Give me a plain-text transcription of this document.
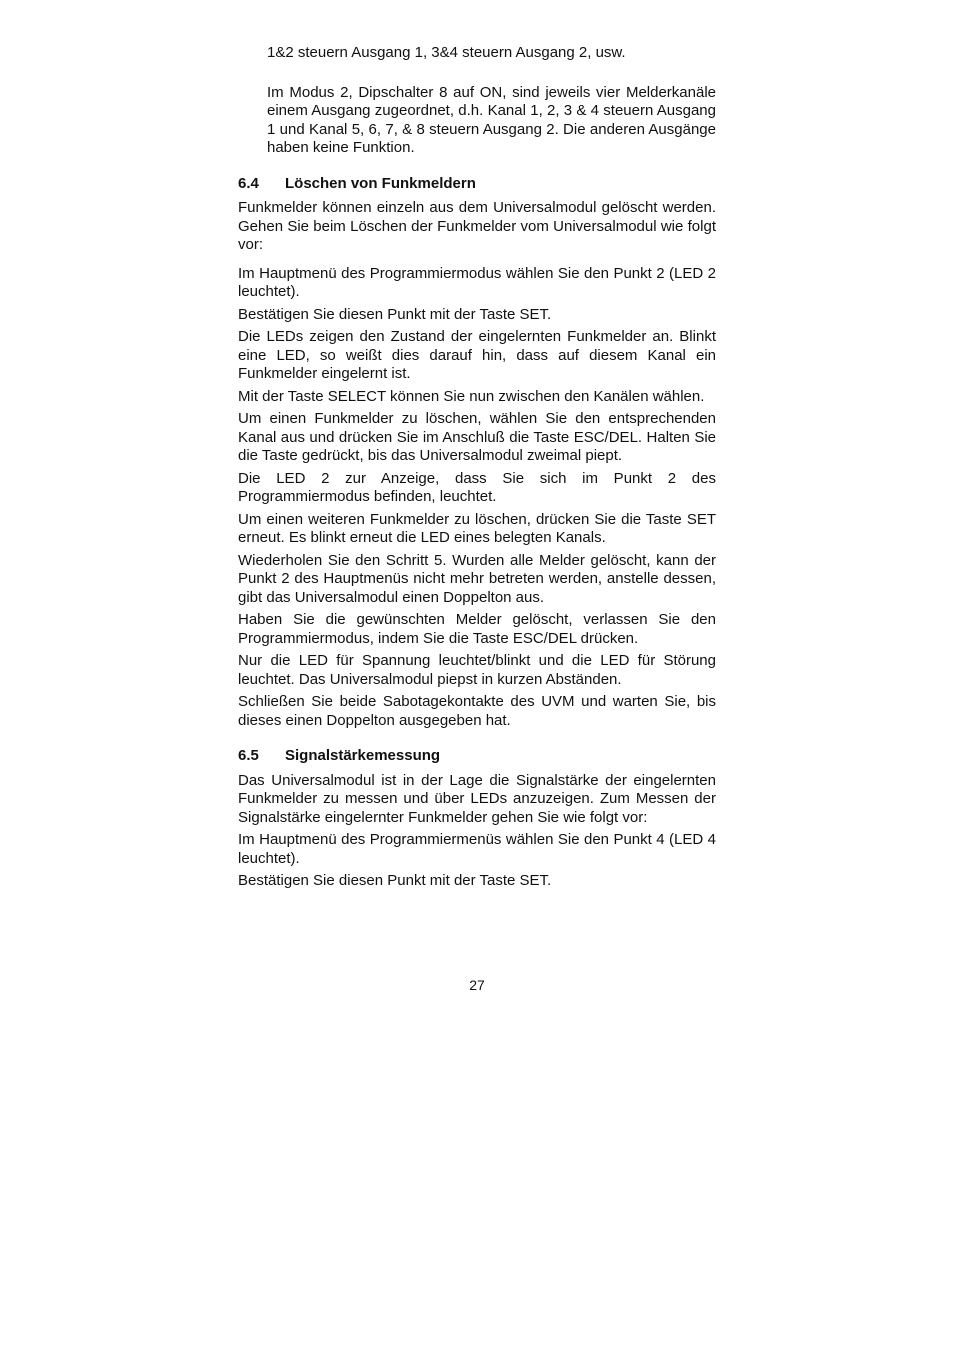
1&2 steuern Ausgang 1, 3&4 steuern Ausgang 2, usw.

Im Modus 2, Dipschalter 8 auf ON, sind jeweils vier Melderkanäle einem Ausgang zugeordnet, d.h. Kanal 1, 2, 3 & 4 steuern Ausgang 1 und Kanal 5, 6, 7, & 8 steuern Ausgang 2. Die anderen Ausgänge haben keine Funktion.

6.4	Löschen von Funkmeldern

Funkmelder können einzeln aus dem Universalmodul gelöscht werden. Gehen Sie beim Löschen der Funkmelder vom Universalmodul wie folgt vor:

Im Hauptmenü des Programmiermodus wählen Sie den Punkt 2 (LED 2 leuchtet).

Bestätigen Sie diesen Punkt mit der Taste SET.

Die LEDs zeigen den Zustand der eingelernten Funkmelder an. Blinkt eine LED, so weißt dies darauf hin, dass auf diesem Kanal ein Funkmelder eingelernt ist.

Mit der Taste SELECT können Sie nun zwischen den Kanälen wählen.

Um einen Funkmelder zu löschen, wählen Sie den entsprechenden Kanal aus und drücken Sie im Anschluß die Taste ESC/DEL. Halten Sie die Taste gedrückt, bis das Universalmodul zweimal piept.

Die LED 2 zur Anzeige, dass Sie sich im Punkt 2 des Programmiermodus befinden, leuchtet.

Um einen weiteren Funkmelder zu löschen, drücken Sie die Taste SET erneut. Es blinkt erneut die LED eines belegten Kanals.

Wiederholen Sie den Schritt 5. Wurden alle Melder gelöscht, kann der Punkt 2 des Hauptmenüs nicht mehr betreten werden, anstelle dessen, gibt das Universalmodul einen Doppelton aus.

Haben Sie die gewünschten Melder gelöscht, verlassen Sie den Programmiermodus, indem Sie die Taste ESC/DEL drücken.

Nur die LED für Spannung leuchtet/blinkt und die LED für Störung leuchtet. Das Universalmodul piepst in kurzen Abständen.

Schließen Sie beide Sabotagekontakte des UVM und warten Sie, bis dieses einen Doppelton ausgegeben hat.

6.5	Signalstärkemessung

Das Universalmodul ist in der Lage die Signalstärke der eingelernten Funkmelder zu messen und über LEDs anzuzeigen. Zum Messen der Signalstärke eingelernter Funkmelder gehen Sie wie folgt vor:

Im Hauptmenü des Programmiermenüs wählen Sie den Punkt 4 (LED 4 leuchtet).

Bestätigen Sie diesen Punkt mit der Taste SET.

27
